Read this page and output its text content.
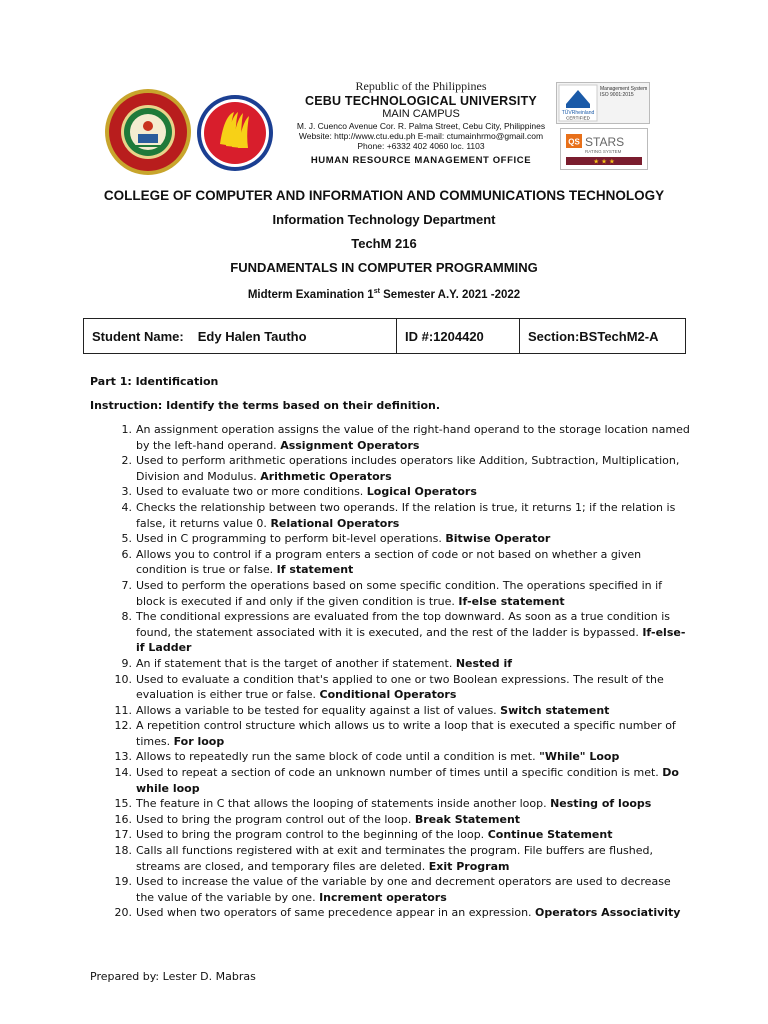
Republic of the Philippines
CEBU TECHNOLOGICAL UNIVERSITY
MAIN CAMPUS
M. J. Cuenco Avenue Cor. R. Palma Street, Cebu City, Philippines
Website: http://www.ctu.edu.ph E-mail: ctumainhrmo@gmail.com
Phone: +6332 402 4060 loc. 1103
HUMAN RESOURCE MANAGEMENT OFFICE
TÜVRheinland
CERTIFIED
Management System ISO 9001:2015
QS STARS
RATING SYSTEM
★ ★ ★
COLLEGE OF COMPUTER AND INFORMATION AND COMMUNICATIONS TECHNOLOGY
Information Technology Department
TechM 216
FUNDAMENTALS IN COMPUTER PROGRAMMING
Midterm Examination 1st Semester A.Y. 2021 -2022
Student Name: Edy Halen Tautho	ID #:1204420	Section:BSTechM2-A
Part 1: Identification
Instruction: Identify the terms based on their definition.
1. An assignment operation assigns the value of the right-hand operand to the storage location named by the left-hand operand. Assignment Operators
2. Used to perform arithmetic operations includes operators like Addition, Subtraction, Multiplication, Division and Modulus. Arithmetic Operators
3. Used to evaluate two or more conditions. Logical Operators
4. Checks the relationship between two operands. If the relation is true, it returns 1; if the relation is false, it returns value 0. Relational Operators
5. Used in C programming to perform bit-level operations. Bitwise Operator
6. Allows you to control if a program enters a section of code or not based on whether a given condition is true or false. If statement
7. Used to perform the operations based on some specific condition. The operations specified in if block is executed if and only if the given condition is true. If-else statement
8. The conditional expressions are evaluated from the top downward. As soon as a true condition is found, the statement associated with it is executed, and the rest of the ladder is bypassed. If-else-if Ladder
9. An if statement that is the target of another if statement. Nested if
10. Used to evaluate a condition that's applied to one or two Boolean expressions. The result of the evaluation is either true or false. Conditional Operators
11. Allows a variable to be tested for equality against a list of values. Switch statement
12. A repetition control structure which allows us to write a loop that is executed a specific number of times. For loop
13. Allows to repeatedly run the same block of code until a condition is met. "While" Loop
14. Used to repeat a section of code an unknown number of times until a specific condition is met. Do while loop
15. The feature in C that allows the looping of statements inside another loop. Nesting of loops
16. Used to bring the program control out of the loop. Break Statement
17. Used to bring the program control to the beginning of the loop. Continue Statement
18. Calls all functions registered with at exit and terminates the program. File buffers are flushed, streams are closed, and temporary files are deleted. Exit Program
19. Used to increase the value of the variable by one and decrement operators are used to decrease the value of the variable by one. Increment operators
20. Used when two operators of same precedence appear in an expression. Operators Associativity
Prepared by: Lester D. Mabras
